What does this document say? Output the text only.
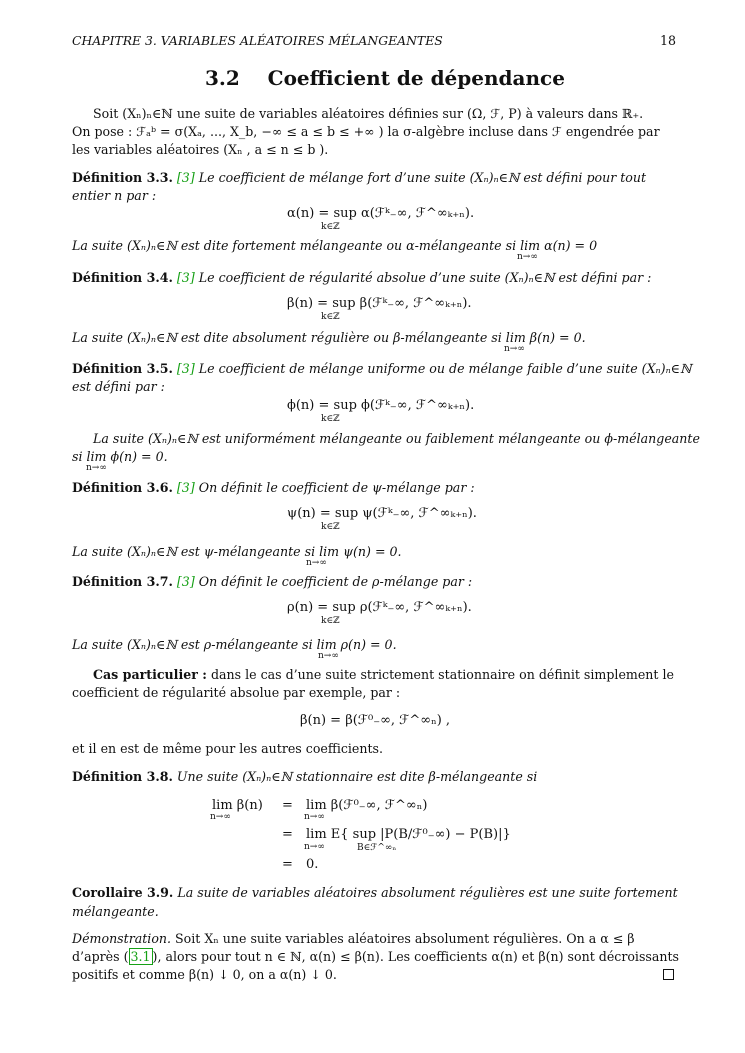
CHAPITRE 3. VARIABLES ALÉATOIRES MÉLANGEANTES	18
3.2 Coefficient de dépendance
Soit (Xₙ)ₙ∈ℕ une suite de variables aléatoires définies sur (Ω, ℱ, P) à valeurs dans ℝ₊.
On pose : ℱₐᵇ = σ(Xₐ, ..., X_b, −∞ ≤ a ≤ b ≤ +∞ ) la σ-algèbre incluse dans ℱ engendrée par
les variables aléatoires (Xₙ , a ≤ n ≤ b ).
Définition 3.3. [3] Le coefficient de mélange fort d’une suite (Xₙ)ₙ∈ℕ est défini pour tout
entier n par :
α(n) = sup α(ℱᵏ₋∞, ℱ^∞ₖ₊ₙ).
k∈ℤ
La suite (Xₙ)ₙ∈ℕ est dite fortement mélangeante ou α-mélangeante si lim α(n) = 0
n→∞
Définition 3.4. [3] Le coefficient de régularité absolue d’une suite (Xₙ)ₙ∈ℕ est défini par :
β(n) = sup β(ℱᵏ₋∞, ℱ^∞ₖ₊ₙ).
k∈ℤ
La suite (Xₙ)ₙ∈ℕ est dite absolument régulière ou β-mélangeante si lim β(n) = 0.
n→∞
Définition 3.5. [3] Le coefficient de mélange uniforme ou de mélange faible d’une suite (Xₙ)ₙ∈ℕ
est défini par :
ϕ(n) = sup ϕ(ℱᵏ₋∞, ℱ^∞ₖ₊ₙ).
k∈ℤ
La suite (Xₙ)ₙ∈ℕ est uniformément mélangeante ou faiblement mélangeante ou ϕ-mélangeante
si lim ϕ(n) = 0.
n→∞
Définition 3.6. [3] On définit le coefficient de ψ-mélange par :
ψ(n) = sup ψ(ℱᵏ₋∞, ℱ^∞ₖ₊ₙ).
k∈ℤ
La suite (Xₙ)ₙ∈ℕ est ψ-mélangeante si lim ψ(n) = 0.
n→∞
Définition 3.7. [3] On définit le coefficient de ρ-mélange par :
ρ(n) = sup ρ(ℱᵏ₋∞, ℱ^∞ₖ₊ₙ).
k∈ℤ
La suite (Xₙ)ₙ∈ℕ est ρ-mélangeante si lim ρ(n) = 0.
n→∞
Cas particulier : dans le cas d’une suite strictement stationnaire on définit simplement le
coefficient de régularité absolue par exemple, par :
β(n) = β(ℱ⁰₋∞, ℱ^∞ₙ) ,
et il en est de même pour les autres coefficients.
Définition 3.8. Une suite (Xₙ)ₙ∈ℕ stationnaire est dite β-mélangeante si
lim β(n)
n→∞
= lim β(ℱ⁰₋∞, ℱ^∞ₙ)
n→∞
= lim E{ sup |P(B/ℱ⁰₋∞) − P(B)|}
n→∞	B∈ℱ^∞ₙ
= 0.
Corollaire 3.9. La suite de variables aléatoires absolument régulières est une suite fortement
mélangeante.
Démonstration. Soit Xₙ une suite variables aléatoires absolument régulières. On a α ≤ β
d’après ( 3.1 ), alors pour tout n ∈ ℕ, α(n) ≤ β(n). Les coefficients α(n) et β(n) sont décroissants
positifs et comme β(n) ↓ 0, on a α(n) ↓ 0.
